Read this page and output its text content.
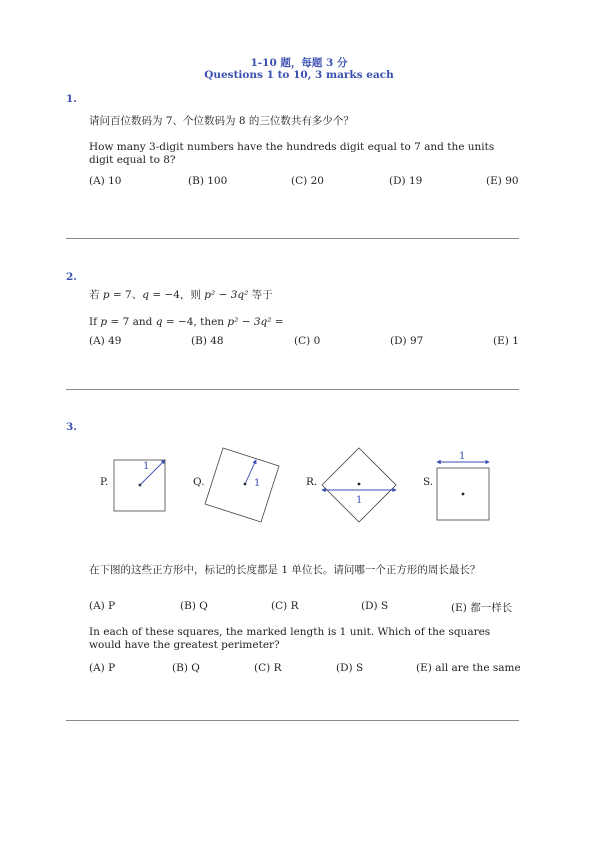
1-10 题，每题 3 分
Questions 1 to 10, 3 marks each
1.
请问百位数码为 7、个位数码为 8 的三位数共有多少个？
How many 3-digit numbers have the hundreds digit equal to 7 and the units digit equal to 8?
(A) 10	(B) 100	(C) 20	(D) 19	(E) 90
2.
若 p = 7、q = −4，则 p² − 3q² 等于
If p = 7 and q = −4, then p² − 3q² =
(A) 49	(B) 48	(C) 0	(D) 97	(E) 1
3.
P.
1
Q.	1	R.
1
S.
1
在下图的这些正方形中，标记的长度都是 1 单位长。请问哪一个正方形的周长最长？
(A) P	(B) Q	(C) R	(D) S	(E) 都一样长
In each of these squares, the marked length is 1 unit. Which of the squares would have the greatest perimeter?
(A) P	(B) Q	(C) R	(D) S	(E) all are the same
